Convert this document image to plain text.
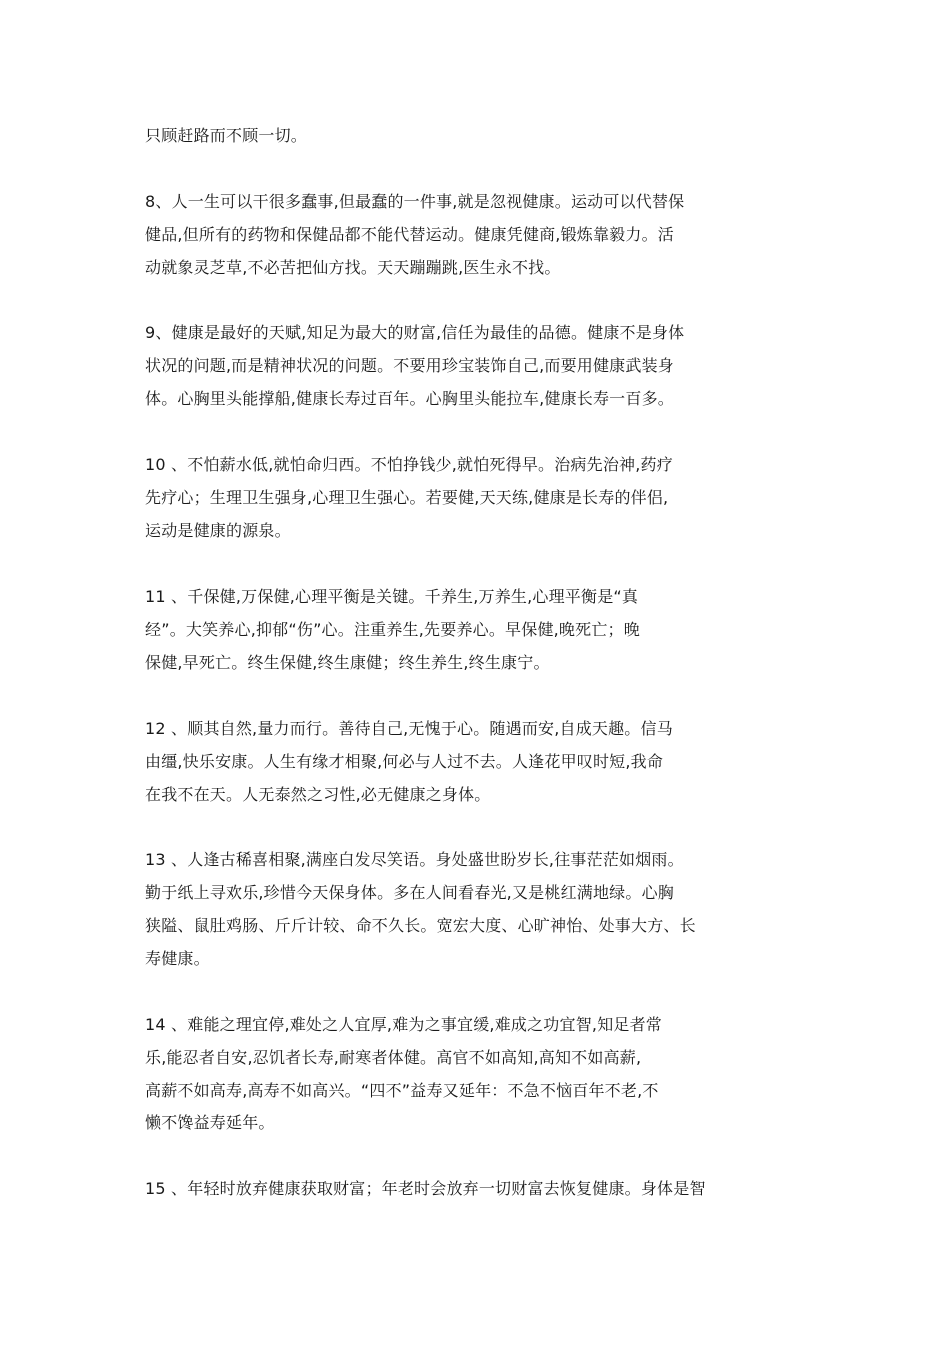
只顾赶路而不顾一切。
8、人一生可以干很多蠢事,但最蠢的一件事,就是忽视健康。运动可以代替保
健品,但所有的药物和保健品都不能代替运动。健康凭健商,锻炼靠毅力。活
动就象灵芝草,不必苦把仙方找。天天蹦蹦跳,医生永不找。
9、健康是最好的天赋,知足为最大的财富,信任为最佳的品德。健康不是身体
状况的问题,而是精神状况的问题。不要用珍宝装饰自己,而要用健康武装身
体。心胸里头能撑船,健康长寿过百年。心胸里头能拉车,健康长寿一百多。
10 、不怕薪水低,就怕命归西。不怕挣钱少,就怕死得早。治病先治神,药疗
先疗心；生理卫生强身,心理卫生强心。若要健,天天练,健康是长寿的伴侣,
运动是健康的源泉。
11 、千保健,万保健,心理平衡是关键。千养生,万养生,心理平衡是“真
经”。大笑养心,抑郁“伤”心。注重养生,先要养心。早保健,晚死亡；晚
保健,早死亡。终生保健,终生康健；终生养生,终生康宁。
12 、顺其自然,量力而行。善待自己,无愧于心。随遇而安,自成天趣。信马
由缰,快乐安康。人生有缘才相聚,何必与人过不去。人逢花甲叹时短,我命
在我不在天。人无泰然之习性,必无健康之身体。
13 、人逢古稀喜相聚,满座白发尽笑语。身处盛世盼岁长,往事茫茫如烟雨。
勤于纸上寻欢乐,珍惜今天保身体。多在人间看春光,又是桃红满地绿。心胸
狭隘、鼠肚鸡肠、斤斤计较、命不久长。宽宏大度、心旷神怡、处事大方、长
寿健康。
14 、难能之理宜停,难处之人宜厚,难为之事宜缓,难成之功宜智,知足者常
乐,能忍者自安,忍饥者长寿,耐寒者体健。高官不如高知,高知不如高薪,
高薪不如高寿,高寿不如高兴。“四不”益寿又延年：不急不恼百年不老,不
懒不馋益寿延年。
15 、年轻时放弃健康获取财富；年老时会放弃一切财富去恢复健康。身体是智
